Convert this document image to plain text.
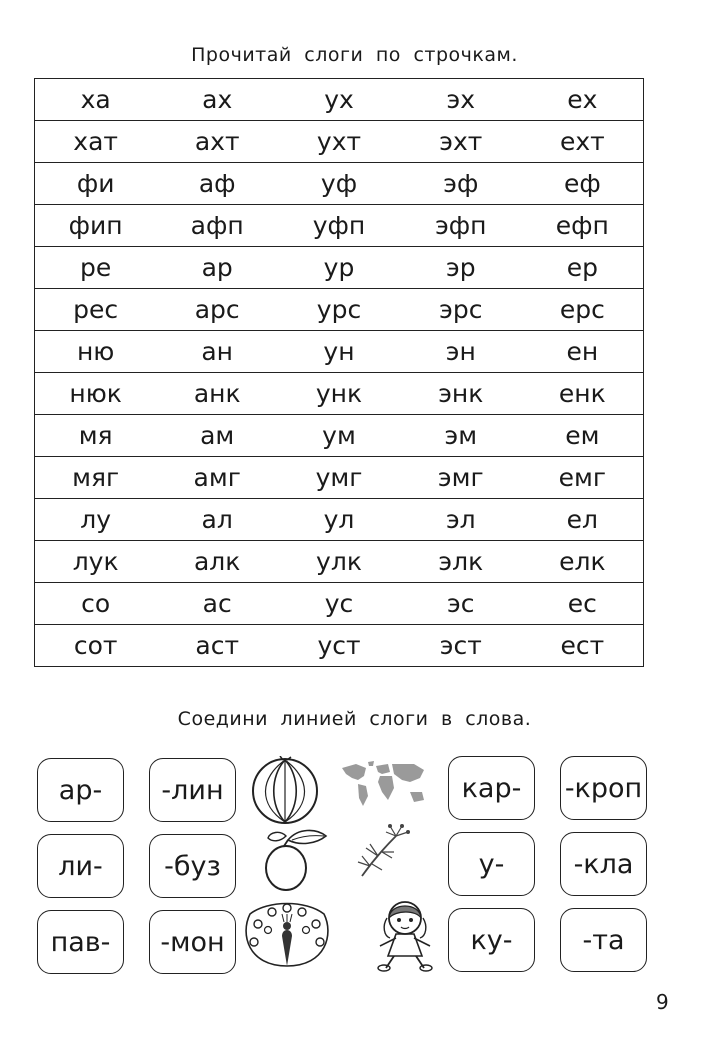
Прочитай слоги по строчкам.
ха	ах	ух	эх	ех
хат	ахт	ухт	эхт	ехт
фи	аф	уф	эф	еф
фип	афп	уфп	эфп	ефп
ре	ар	ур	эр	ер
рес	арс	урс	эрс	ерс
ню	ан	ун	эн	ен
нюк	анк	унк	энк	енк
мя	ам	ум	эм	ем
мяг	амг	умг	эмг	емг
лу	ал	ул	эл	ел
лук	алк	улк	элк	елк
со	ас	ус	эс	ес
сот	аст	уст	эст	ест
Соедини линией слоги в слова.
ар-	-лин
ли-	-буз
пав-	-мон
кар-	-кроп
у-	-кла
ку-	-та
9
